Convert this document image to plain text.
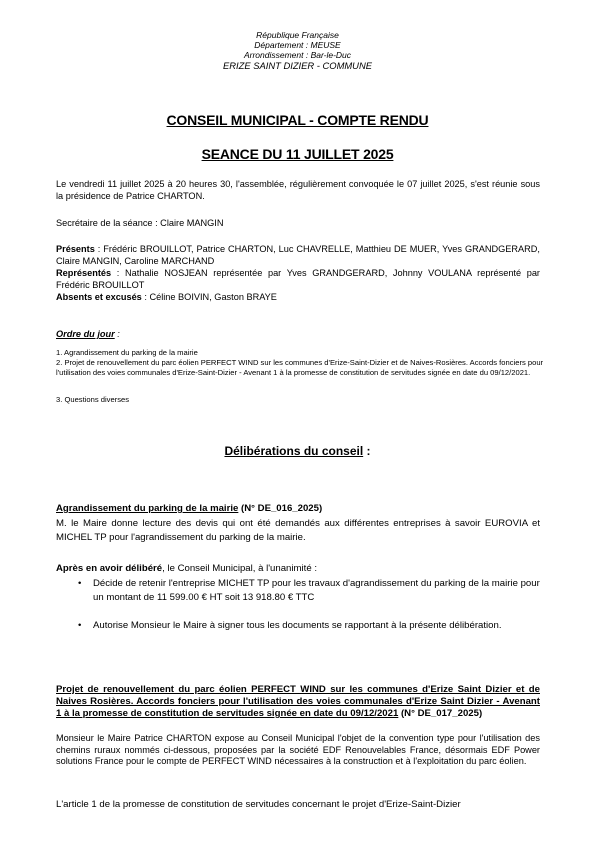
République Française
Département : MEUSE
Arrondissement : Bar-le-Duc
ERIZE SAINT DIZIER - COMMUNE
CONSEIL MUNICIPAL - COMPTE RENDU
SEANCE DU 11 JUILLET 2025
Le vendredi 11 juillet 2025 à 20 heures 30, l'assemblée, régulièrement convoquée le 07 juillet 2025, s'est réunie sous la présidence de Patrice CHARTON.
Secrétaire de la séance : Claire MANGIN
Présents : Frédéric BROUILLOT, Patrice CHARTON, Luc CHAVRELLE, Matthieu DE MUER, Yves GRANDGERARD, Claire MANGIN, Caroline MARCHAND
Représentés : Nathalie NOSJEAN représentée par Yves GRANDGERARD, Johnny VOULANA représenté par Frédéric BROUILLOT
Absents et excusés : Céline BOIVIN, Gaston BRAYE
Ordre du jour :
1. Agrandissement du parking de la mairie
2. Projet de renouvellement du parc éolien PERFECT WIND sur les communes d'Erize-Saint-Dizier et de Naives-Rosières. Accords fonciers pour l'utilisation des voies communales d'Erize-Saint-Dizier - Avenant 1 à la promesse de constitution de servitudes signée en date du 09/12/2021.
3. Questions diverses
Délibérations du conseil :
Agrandissement du parking de la mairie (N° DE_016_2025)
M. le Maire donne lecture des devis qui ont été demandés aux différentes entreprises à savoir EUROVIA et MICHEL TP pour l'agrandissement du parking de la mairie.
Après en avoir délibéré, le Conseil Municipal, à l'unanimité :
• Décide de retenir l'entreprise MICHET TP pour les travaux d'agrandissement du parking de la mairie pour un montant de 11 599.00 € HT soit 13 918.80 € TTC
• Autorise Monsieur le Maire à signer tous les documents se rapportant à la présente délibération.
Projet de renouvellement du parc éolien PERFECT WIND sur les communes d'Erize Saint Dizier et de Naives Rosières. Accords fonciers pour l'utilisation des voies communales d'Erize Saint Dizier - Avenant 1 à la promesse de constitution de servitudes signée en date du 09/12/2021 (N° DE_017_2025)
Monsieur le Maire Patrice CHARTON expose au Conseil Municipal l'objet de la convention type pour l'utilisation des chemins ruraux nommés ci-dessous, proposées par la société EDF Renouvelables France, désormais EDF Power solutions France pour le compte de PERFECT WIND nécessaires à la construction et à l'exploitation du parc éolien.
L'article 1 de la promesse de constitution de servitudes concernant le projet d'Erize-Saint-Dizier
